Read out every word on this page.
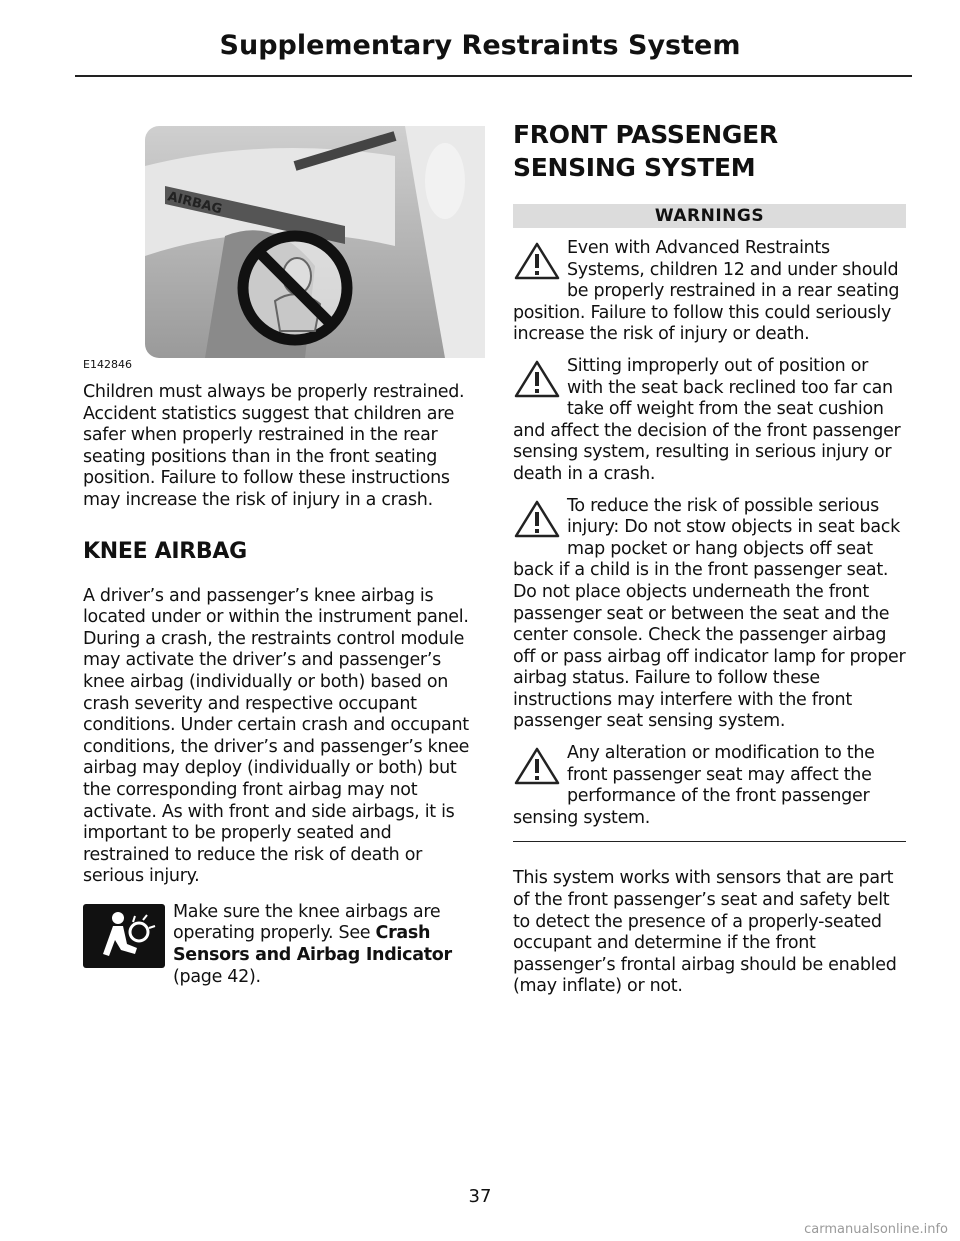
Supplementary Restraints System
AIRBAG
E142846

Children must always be properly restrained. Accident statistics suggest that children are safer when properly restrained in the rear seating positions than in the front seating position. Failure to follow these instructions may increase the risk of injury in a crash.

KNEE AIRBAG

A driver’s and passenger’s knee airbag is located under or within the instrument panel. During a crash, the restraints control module may activate the driver’s and passenger’s knee airbag (individually or both) based on crash severity and respective occupant conditions. Under certain crash and occupant conditions, the driver’s and passenger’s knee airbag may deploy (individually or both) but the corresponding front airbag may not activate. As with front and side airbags, it is important to be properly seated and restrained to reduce the risk of death or serious injury.

Make sure the knee airbags are operating properly. See Crash Sensors and Airbag Indicator (page 42).

FRONT PASSENGER SENSING SYSTEM
WARNINGS
Even with Advanced Restraints Systems, children 12 and under should be properly restrained in a rear seating position. Failure to follow this could seriously increase the risk of injury or death.
Sitting improperly out of position or with the seat back reclined too far can take off weight from the seat cushion and affect the decision of the front passenger sensing system, resulting in serious injury or death in a crash.
To reduce the risk of possible serious injury: Do not stow objects in seat back map pocket or hang objects off seat back if a child is in the front passenger seat. Do not place objects underneath the front passenger seat or between the seat and the center console. Check the passenger airbag off or pass airbag off indicator lamp for proper airbag status. Failure to follow these instructions may interfere with the front passenger seat sensing system.
Any alteration or modification to the front passenger seat may affect the performance of the front passenger sensing system.

This system works with sensors that are part of the front passenger’s seat and safety belt to detect the presence of a properly-seated occupant and determine if the front passenger’s frontal airbag should be enabled (may inflate) or not.

37
carmanualsonline.info
